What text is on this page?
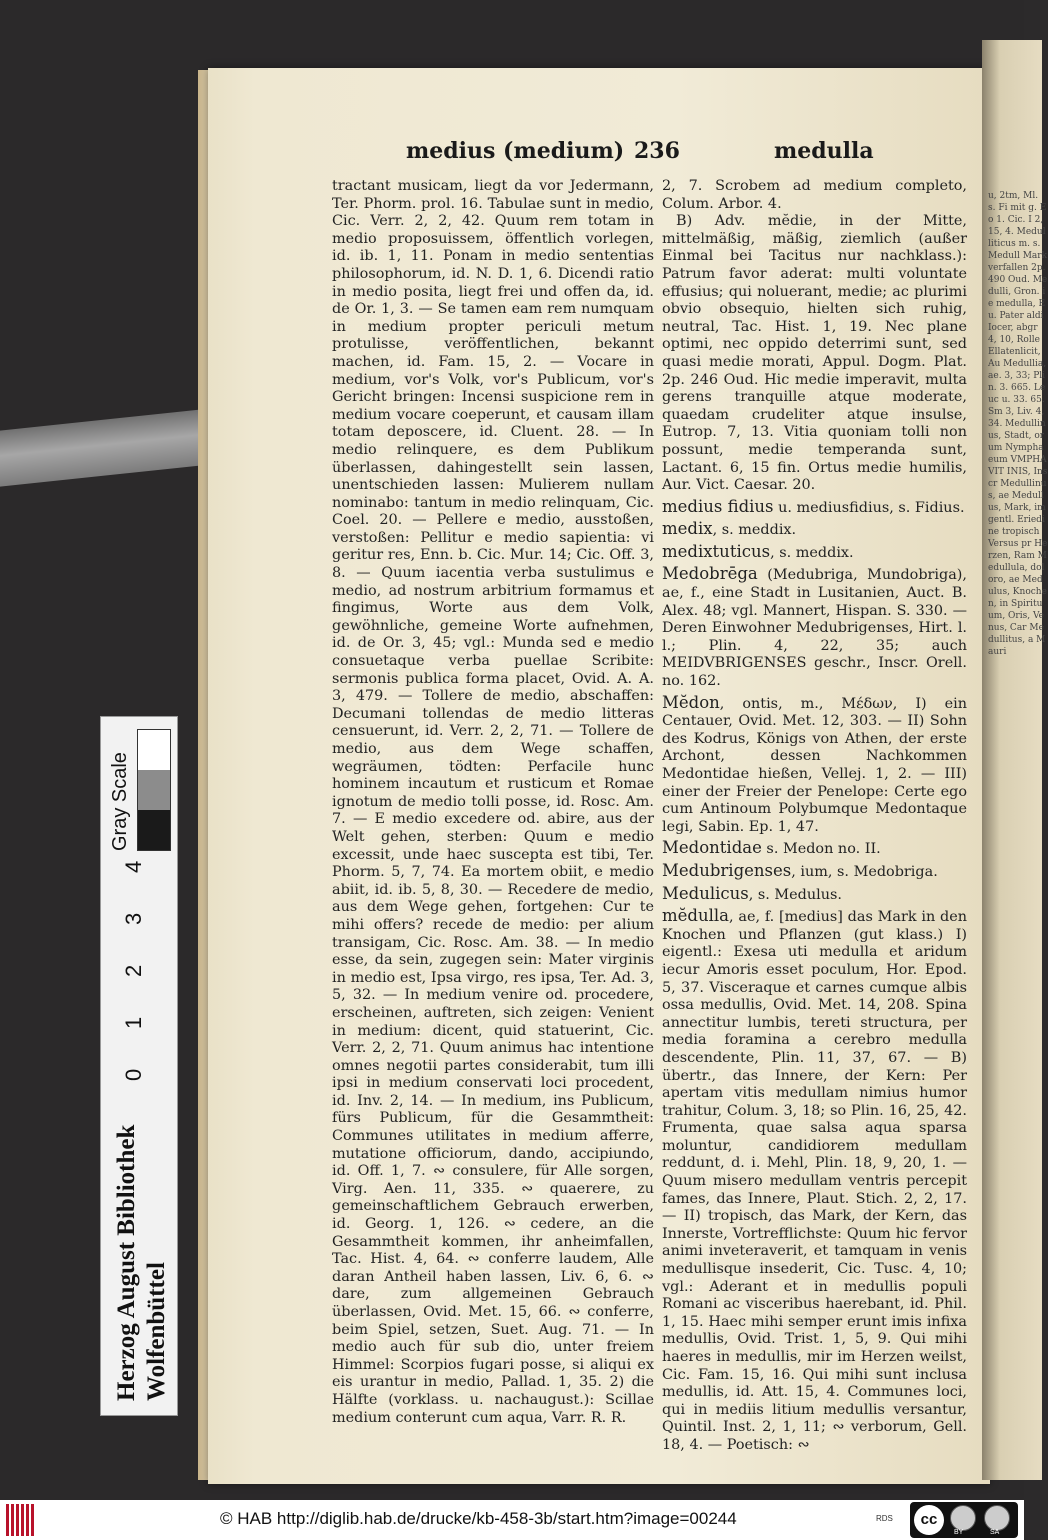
u, 2tm, Ml. s. Fi mit g. Eo 1. Cic. I 2, 15, 4. Medulliticus m. s. Medull Mark verfallen 2p. 490 Oud. Medulli, Gron. ie medulla, Eu. Pater aldi Iocer, abgr 4, 10, Rolle Ellatenlicit, Au Medullia, ae. 3, 33; Plin. 3. 665. Leuc u. 33. 65. Sm 3, Liv. 4, 34. Medullinus, Stadt, orum Nymphaeum VMPHAVIT INIS, Inscr Medullinus, ae Medullus, Mark, im gentl. Eriedine tropisch Versus pr Herzen, Ram Medullula, doloro, ae Medulus, Knochen, in Spirituum, Oris, Venus, Car Medullitus, a Mauri
medius (medium) 236	medulla

tractant musicam, liegt da vor Jedermann, Ter. Phorm. prol. 16. Tabulae sunt in medio, Cic. Verr. 2, 2, 42. Quum rem totam in medio proposuissem, öffentlich vorlegen, id. ib. 1, 11. Ponam in medio sententias philosophorum, id. N. D. 1, 6. Dicendi ratio in medio posita, liegt frei und offen da, id. de Or. 1, 3. — Se tamen eam rem numquam in medium propter periculi metum protulisse, veröffentlichen, bekannt machen, id. Fam. 15, 2. — Vocare in medium, vor's Volk, vor's Publicum, vor's Gericht bringen: Incensi suspicione rem in medium vocare coeperunt, et causam illam totam deposcere, id. Cluent. 28. — In medio relinquere, es dem Publikum überlassen, dahingestellt sein lassen, unentschieden lassen: Mulierem nullam nominabo: tantum in medio relinquam, Cic. Coel. 20. — Pellere e medio, ausstoßen, verstoßen: Pellitur e medio sapientia: vi geritur res, Enn. b. Cic. Mur. 14; Cic. Off. 3, 8. — Quum iacentia verba sustulimus e medio, ad nostrum arbitrium formamus et fingimus, Worte aus dem Volk, gewöhnliche, gemeine Worte aufnehmen, id. de Or. 3, 45; vgl.: Munda sed e medio consuetaque verba puellae Scribite: sermonis publica forma placet, Ovid. A. A. 3, 479. — Tollere de medio, abschaffen: Decumani tollendas de medio litteras censuerunt, id. Verr. 2, 2, 71. — Tollere de medio, aus dem Wege schaffen, wegräumen, tödten: Perfacile hunc hominem incautum et rusticum et Romae ignotum de medio tolli posse, id. Rosc. Am. 7. — E medio excedere od. abire, aus der Welt gehen, sterben: Quum e medio excessit, unde haec suscepta est tibi, Ter. Phorm. 5, 7, 74. Ea mortem obiit, e medio abiit, id. ib. 5, 8, 30. — Recedere de medio, aus dem Wege gehen, fortgehen: Cur te mihi offers? recede de medio: per alium transigam, Cic. Rosc. Am. 38. — In medio esse, da sein, zugegen sein: Mater virginis in medio est, Ipsa virgo, res ipsa, Ter. Ad. 3, 5, 32. — In medium venire od. procedere, erscheinen, auftreten, sich zeigen: Venient in medium: dicent, quid statuerint, Cic. Verr. 2, 2, 71. Quum animus hac intentione omnes negotii partes considerabit, tum illi ipsi in medium conservati loci procedent, id. Inv. 2, 14. — In medium, ins Publicum, fürs Publicum, für die Gesammtheit: Communes utilitates in medium afferre, mutatione officiorum, dando, accipiundo, id. Off. 1, 7. ∾ consulere, für Alle sorgen, Virg. Aen. 11, 335. ∾ quaerere, zu gemeinschaftlichem Gebrauch erwerben, id. Georg. 1, 126. ∾ cedere, an die Gesammtheit kommen, ihr anheimfallen, Tac. Hist. 4, 64. ∾ conferre laudem, Alle daran Antheil haben lassen, Liv. 6, 6. ∾ dare, zum allgemeinen Gebrauch überlassen, Ovid. Met. 15, 66. ∾ conferre, beim Spiel, setzen, Suet. Aug. 71. — In medio auch für sub dio, unter freiem Himmel: Scorpios fugari posse, si aliqui ex eis urantur in medio, Pallad. 1, 35. 2) die Hälfte (vorklass. u. nachaugust.): Scillae medium conterunt cum aqua, Varr. R. R.

2, 7. Scrobem ad medium completo, Colum. Arbor. 4.

B) Adv. mĕdie, in der Mitte, mittelmäßig, mäßig, ziemlich (außer Einmal bei Tacitus nur nachklass.): Patrum favor aderat: multi voluntate effusius; qui noluerant, medie; ac plurimi obvio obsequio, hielten sich ruhig, neutral, Tac. Hist. 1, 19. Nec plane optimi, nec oppido deterrimi sunt, sed quasi medie morati, Appul. Dogm. Plat. 2p. 246 Oud. Hic medie imperavit, multa gerens tranquille atque moderate, quaedam crudeliter atque insulse, Eutrop. 7, 13. Vitia quoniam tolli non possunt, medie temperanda sunt, Lactant. 6, 15 fin. Ortus medie humilis, Aur. Vict. Caesar. 20.

medius fidius u. mediusfidius, s. Fidius.

medix, s. meddix.

medixtuticus, s. meddix.

Medobrēga (Medubriga, Mundobriga), ae, f., eine Stadt in Lusitanien, Auct. B. Alex. 48; vgl. Mannert, Hispan. S. 330. — Deren Einwohner Medubrigenses, Hirt. l. l.; Plin. 4, 22, 35; auch MEIDVBRIGENSES geschr., Inscr. Orell. no. 162.

Mĕdon, ontis, m., Μέδων, I) ein Centauer, Ovid. Met. 12, 303. — II) Sohn des Kodrus, Königs von Athen, der erste Archont, dessen Nachkommen Medontidae hießen, Vellej. 1, 2. — III) einer der Freier der Penelope: Certe ego cum Antinoum Polybumque Medontaque legi, Sabin. Ep. 1, 47.

Medontidae s. Medon no. II.

Medubrigenses, ium, s. Medobriga.

Medulicus, s. Medulus.

mĕdulla, ae, f. [medius] das Mark in den Knochen und Pflanzen (gut klass.) I) eigentl.: Exesa uti medulla et aridum iecur Amoris esset poculum, Hor. Epod. 5, 37. Visceraque et carnes cumque albis ossa medullis, Ovid. Met. 14, 208. Spina annectitur lumbis, tereti structura, per media foramina a cerebro medulla descendente, Plin. 11, 37, 67. — B) übertr., das Innere, der Kern: Per apertam vitis medullam nimius humor trahitur, Colum. 3, 18; so Plin. 16, 25, 42. Frumenta, quae salsa aqua sparsa moluntur, candidiorem medullam reddunt, d. i. Mehl, Plin. 18, 9, 20, 1. — Quum misero medullam ventris percepit fames, das Innere, Plaut. Stich. 2, 2, 17. — II) tropisch, das Mark, der Kern, das Innerste, Vortrefflichste: Quum hic fervor animi inveteraverit, et tamquam in venis medullisque insederit, Cic. Tusc. 4, 10; vgl.: Aderant et in medullis populi Romani ac visceribus haerebant, id. Phil. 1, 15. Haec mihi semper erunt imis infixa medullis, Ovid. Trist. 1, 5, 9. Qui mihi haeres in medullis, mir im Herzen weilst, Cic. Fam. 15, 16. Qui mihi sunt inclusa medullis, id. Att. 15, 4. Communes loci, qui in mediis litium medullis versantur, Quintil. Inst. 2, 1, 11; ∾ verborum, Gell. 18, 4. — Poetisch: ∾

Herzog August Bibliothek Wolfenbüttel
0
1
2
3
4
Gray Scale
© HAB http://diglib.hab.de/drucke/kb-458-3b/start.htm?image=00244	RDS	cc
BY	SA
